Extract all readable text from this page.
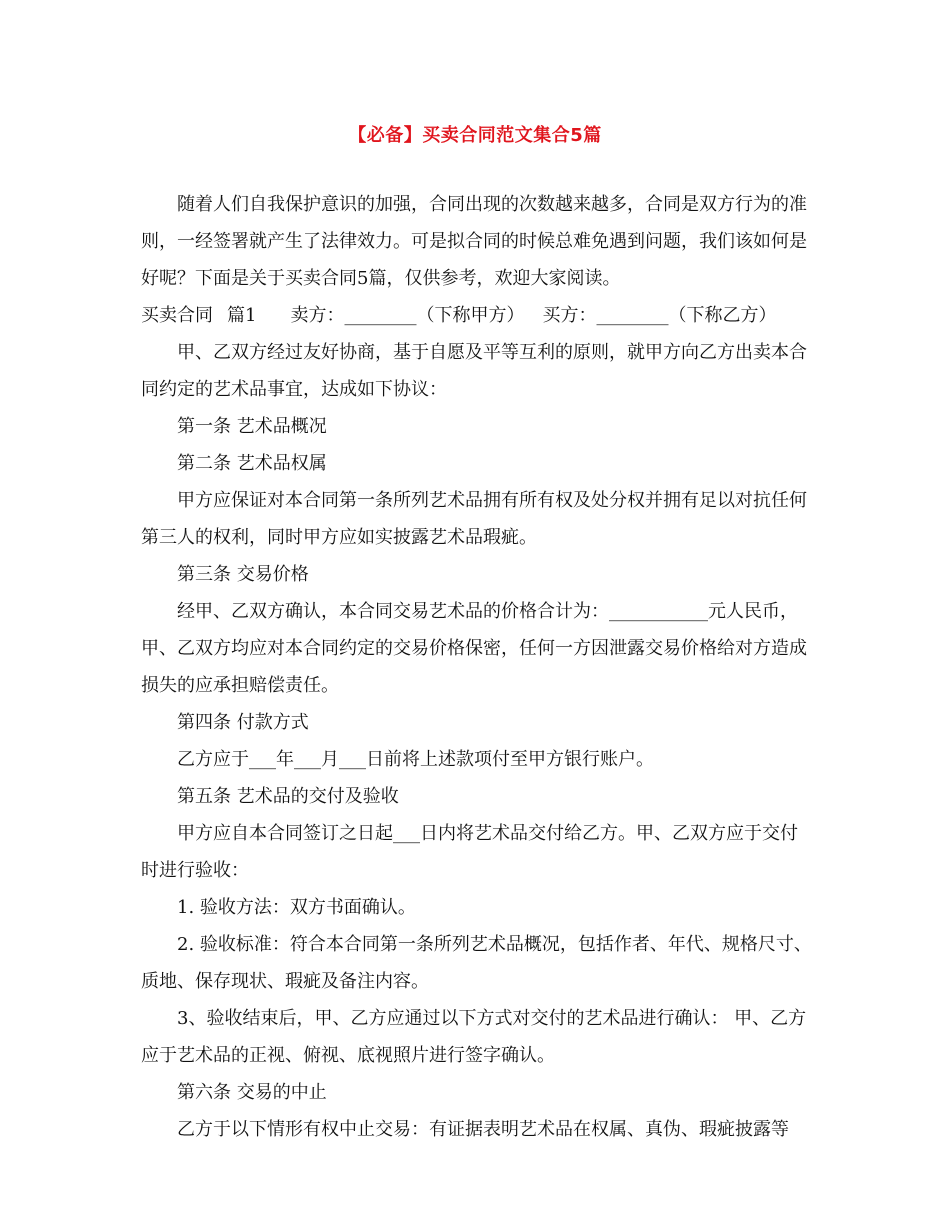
【必备】买卖合同范文集合5篇

随着人们自我保护意识的加强，合同出现的次数越来越多，合同是双方行为的准则，一经签署就产生了法律效力。可是拟合同的时候总难免遇到问题，我们该如何是好呢？下面是关于买卖合同5篇，仅供参考，欢迎大家阅读。

买卖合同 篇1 卖方：________（下称甲方） 买方：________（下称乙方）

甲、乙双方经过友好协商，基于自愿及平等互利的原则，就甲方向乙方出卖本合同约定的艺术品事宜，达成如下协议：

第一条 艺术品概况

第二条 艺术品权属

甲方应保证对本合同第一条所列艺术品拥有所有权及处分权并拥有足以对抗任何第三人的权利，同时甲方应如实披露艺术品瑕疵。

第三条 交易价格

经甲、乙双方确认，本合同交易艺术品的价格合计为：___________元人民币，甲、乙双方均应对本合同约定的交易价格保密，任何一方因泄露交易价格给对方造成损失的应承担赔偿责任。

第四条 付款方式

乙方应于___年___月___日前将上述款项付至甲方银行账户。

第五条 艺术品的交付及验收

甲方应自本合同签订之日起___日内将艺术品交付给乙方。甲、乙双方应于交付时进行验收：

1. 验收方法：双方书面确认。

2. 验收标准：符合本合同第一条所列艺术品概况，包括作者、年代、规格尺寸、质地、保存现状、瑕疵及备注内容。

3、验收结束后，甲、乙方应通过以下方式对交付的艺术品进行确认： 甲、乙方应于艺术品的正视、俯视、底视照片进行签字确认。

第六条 交易的中止

乙方于以下情形有权中止交易：有证据表明艺术品在权属、真伪、瑕疵披露等
